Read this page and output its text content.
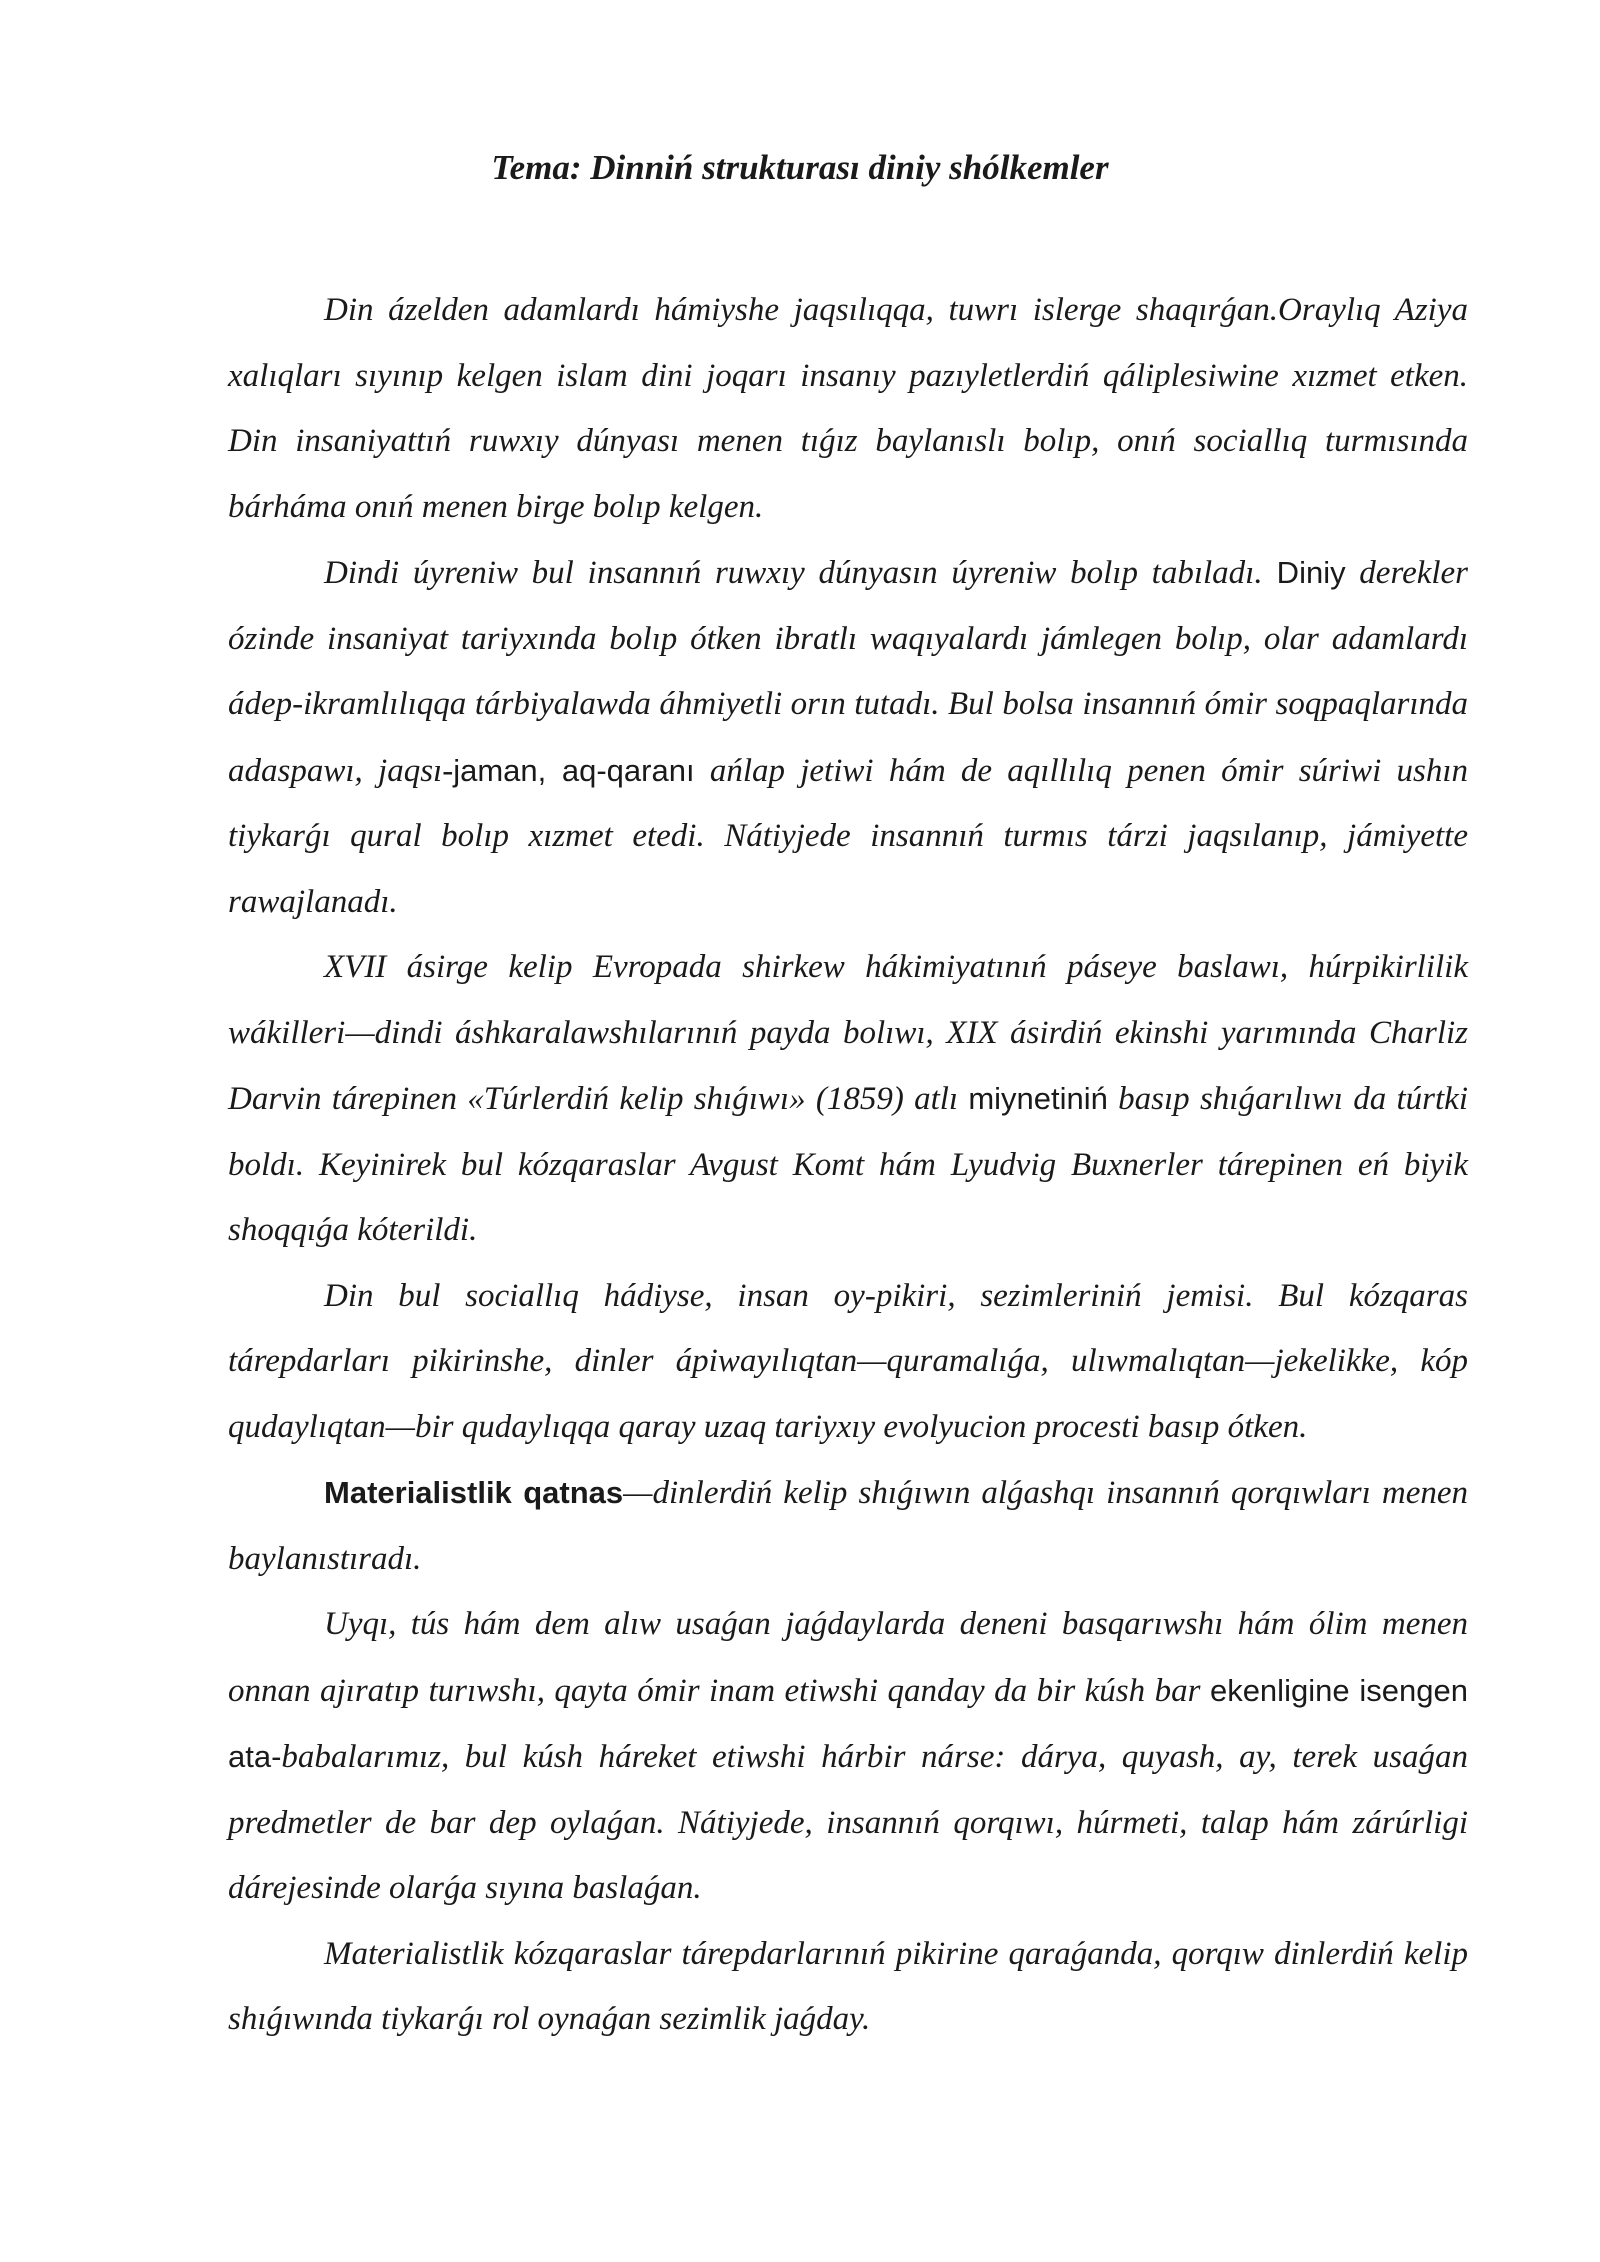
Tema: Dinniń strukturası diniy shólkemler

Din ázelden adamlardı hámiyshe jaqsılıqqa, tuwrı islerge shaqırǵan.Oraylıq Aziya xalıqları sıyınıp kelgen islam dini joqarı insanıy pazıyletlerdiń qáliplesiwine xızmet etken. Din insaniyattıń ruwxıy dúnyası menen tıǵız baylanıslı bolıp, onıń sociallıq turmısında bárháma onıń menen birge bolıp kelgen.

Dindi úyreniw bul insannıń ruwxıy dúnyasın úyreniw bolıp tabıladı. Diniy derekler ózinde insaniyat tariyxında bolıp ótken ibratlı waqıyalardı jámlegen bolıp, olar adamlardı ádep-ikramlılıqqa tárbiyalawda áhmiyetli orın tutadı. Bul bolsa insannıń ómir soqpaqlarında adaspawı, jaqsı-jaman, aq-qaranı ańlap jetiwi hám de aqıllılıq penen ómir súriwi ushın tiykarǵı qural bolıp xızmet etedi. Nátiyjede insannıń turmıs tárzi jaqsılanıp, jámiyette rawajlanadı.

XVII ásirge kelip Evropada shirkew hákimiyatınıń páseye baslawı, húrpikirlilik wákilleri—dindi áshkaralawshılarınıń payda bolıwı, XIX ásirdiń ekinshi yarımında Charliz Darvin tárepinen «Túrlerdiń kelip shıǵıwı» (1859) atlı miynetiniń basıp shıǵarılıwı da túrtki boldı. Keyinirek bul kózqaraslar Avgust Komt hám Lyudvig Buxnerler tárepinen eń biyik shoqqıǵa kóterildi.

Din bul sociallıq hádiyse, insan oy-pikiri, sezimleriniń jemisi. Bul kózqaras tárepdarları pikirinshe, dinler ápiwayılıqtan—quramalıǵa, ulıwmalıqtan—jekelikke, kóp qudaylıqtan—bir qudaylıqqa qaray uzaq tariyxıy evolyucion procesti basıp ótken.

Materialistlik qatnas—dinlerdiń kelip shıǵıwın alǵashqı insannıń qorqıwları menen baylanıstıradı.

Uyqı, tús hám dem alıw usaǵan jaǵdaylarda deneni basqarıwshı hám ólim menen onnan ajıratıp turıwshı, qayta ómir inam etiwshi qanday da bir kúsh bar ekenligine isengen ata-babalarımız, bul kúsh háreket etiwshi hárbir nárse: dárya, quyash, ay, terek usaǵan predmetler de bar dep oylaǵan. Nátiyjede, insannıń qorqıwı, húrmeti, talap hám zárúrligi dárejesinde olarǵa sıyına baslaǵan.

Materialistlik kózqaraslar tárepdarlarınıń pikirine qaraǵanda, qorqıw dinlerdiń kelip shıǵıwında tiykarǵı rol oynaǵan sezimlik jaǵday.
